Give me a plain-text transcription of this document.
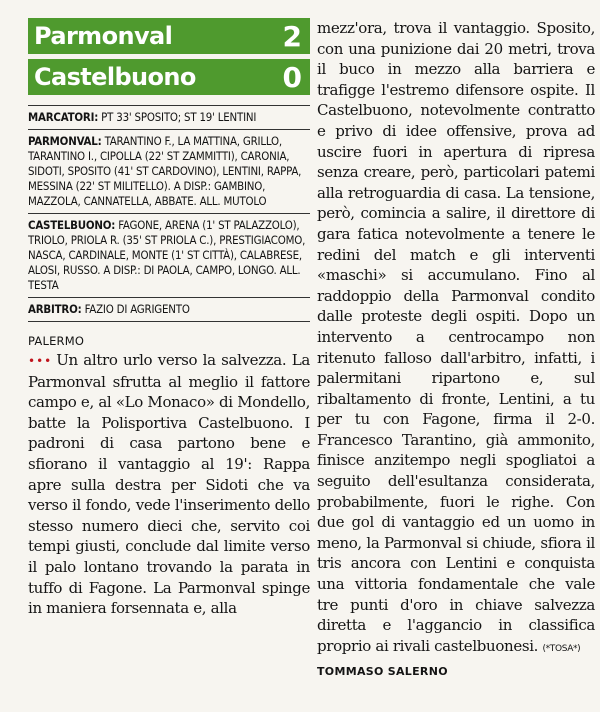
Parmonval	2
Castelbuono	0
MARCATORI: PT 33' SPOSITO; ST 19' LENTINI
PARMONVAL: TARANTINO F., LA MATTINA, GRILLO, TARANTINO I., CIPOLLA (22' ST ZAMMITTI), CARONIA, SIDOTI, SPOSITO (41' ST CARDOVINO), LENTINI, RAPPA, MESSINA (22' ST MILITELLO). A DISP.: GAMBINO, MAZZOLA, CANNATELLA, ABBATE. ALL. MUTOLO
CASTELBUONO: FAGONE, ARENA (1' ST PALAZZOLO), TRIOLO, PRIOLA R. (35' ST PRIOLA C.), PRESTIGIACOMO, NASCA, CARDINALE, MONTE (1' ST CITTÀ), CALABRESE, ALOSI, RUSSO. A DISP.: DI PAOLA, CAMPO, LONGO. ALL. TESTA
ARBITRO: FAZIO DI AGRIGENTO
PALERMO

••• Un altro urlo verso la salvezza. La Parmonval sfrutta al meglio il fattore campo e, al «Lo Monaco» di Mondello, batte la Polisportiva Castelbuono. I padroni di casa partono bene e sfiorano il vantaggio al 19': Rappa apre sulla destra per Sidoti che va verso il fondo, vede l'inserimento dello stesso numero dieci che, servito coi tempi giusti, conclude dal limite verso il palo lontano trovando la parata in tuffo di Fagone. La Parmonval spinge in maniera forsennata e, alla

mezz'ora, trova il vantaggio. Sposito, con una punizione dai 20 metri, trova il buco in mezzo alla barriera e trafigge l'estremo difensore ospite. Il Castelbuono, notevolmente contratto e privo di idee offensive, prova ad uscire fuori in apertura di ripresa senza creare, però, particolari patemi alla retroguardia di casa. La tensione, però, comincia a salire, il direttore di gara fatica notevolmente a tenere le redini del match e gli interventi «maschi» si accumulano. Fino al raddoppio della Parmonval condito dalle proteste degli ospiti. Dopo un intervento a centrocampo non ritenuto falloso dall'arbitro, infatti, i palermitani ripartono e, sul ribaltamento di fronte, Lentini, a tu per tu con Fagone, firma il 2-0. Francesco Tarantino, già ammonito, finisce anzitempo negli spogliatoi a seguito dell'esultanza considerata, probabilmente, fuori le righe. Con due gol di vantaggio ed un uomo in meno, la Parmonval si chiude, sfiora il tris ancora con Lentini e conquista una vittoria fondamentale che vale tre punti d'oro in chiave salvezza diretta e l'aggancio in classifica proprio ai rivali castelbuonesi. (*TOSA*)

TOMMASO SALERNO
